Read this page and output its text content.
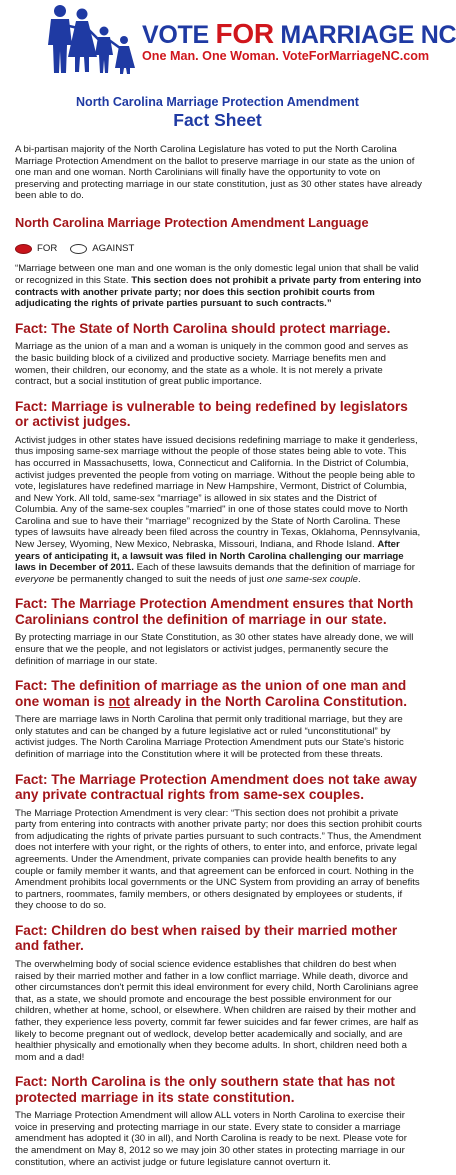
VOTE FOR MARRIAGE NC
One Man. One Woman. VoteForMarriageNC.com
North Carolina Marriage Protection Amendment
Fact Sheet

A bi-partisan majority of the North Carolina Legislature has voted to put the North Carolina Marriage Protection Amendment on the ballot to preserve marriage in our state as the union of one man and one woman. North Carolinians will finally have the opportunity to vote on preserving and protecting marriage in our state constitution, just as 30 other states have already been able to do.

North Carolina Marriage Protection Amendment Language
FOR	AGAINST

“Marriage between one man and one woman is the only domestic legal union that shall be valid or recognized in this State. This section does not prohibit a private party from entering into contracts with another private party; nor does this section prohibit courts from adjudicating the rights of private parties pursuant to such contracts.”

Fact: The State of North Carolina should protect marriage.

Marriage as the union of a man and a woman is uniquely in the common good and serves as the basic building block of a civilized and productive society. Marriage benefits men and women, their children, our economy, and the state as a whole. It is not merely a private contract, but a social institution of great public importance.

Fact: Marriage is vulnerable to being redefined by legislators or activist judges.

Activist judges in other states have issued decisions redefining marriage to make it genderless, thus imposing same-sex marriage without the people of those states being able to vote. This has occurred in Massachusetts, Iowa, Connecticut and California. In the District of Columbia, activist judges prevented the people from voting on marriage. Without the people being able to vote, legislatures have redefined marriage in New Hampshire, Vermont, District of Columbia, and New York. All told, same-sex “marriage” is allowed in six states and the District of Columbia. Any of the same-sex couples "married" in one of those states could move to North Carolina and sue to have their “marriage” recognized by the State of North Carolina. These types of lawsuits have already been filed across the country in Texas, Oklahoma, Pennsylvania, New Jersey, Wyoming, New Mexico, Nebraska, Missouri, Indiana, and Rhode Island. After years of anticipating it, a lawsuit was filed in North Carolina challenging our marriage laws in December of 2011. Each of these lawsuits demands that the definition of marriage for everyone be permanently changed to suit the needs of just one same-sex couple.

Fact: The Marriage Protection Amendment ensures that North Carolinians control the definition of marriage in our state.

By protecting marriage in our State Constitution, as 30 other states have already done, we will ensure that we the people, and not legislators or activist judges, permanently secure the definition of marriage in our state.

Fact: The definition of marriage as the union of one man and one woman is not already in the North Carolina Constitution.

There are marriage laws in North Carolina that permit only traditional marriage, but they are only statutes and can be changed by a future legislative act or ruled “unconstitutional” by activist judges. The North Carolina Marriage Protection Amendment puts our State's historic definition of marriage into the Constitution where it will be protected from these threats.

Fact: The Marriage Protection Amendment does not take away any private contractual rights from same-sex couples.

The Marriage Protection Amendment is very clear: “This section does not prohibit a private party from entering into contracts with another private party; nor does this section prohibit courts from adjudicating the rights of private parties pursuant to such contracts.” Thus, the Amendment does not interfere with your right, or the rights of others, to enter into, and enforce, private legal agreements. Under the Amendment, private companies can provide health benefits to any couple or family member it wants, and that agreement can be enforced in court. Nothing in the Amendment prohibits local governments or the UNC System from providing an array of benefits to partners, roommates, family members, or others designated by employees or students, if they choose to do so.

Fact: Children do best when raised by their married mother and father.

The overwhelming body of social science evidence establishes that children do best when raised by their married mother and father in a low conflict marriage. While death, divorce and other circumstances don't permit this ideal environment for every child, North Carolinians agree that, as a state, we should promote and encourage the best possible environment for our children, whether at home, school, or elsewhere. When children are raised by their mother and father, they experience less poverty, commit far fewer suicides and far fewer crimes, are half as likely to become pregnant out of wedlock, develop better academically and socially, and are healthier physically and emotionally when they become adults. In short, children need both a mom and a dad!

Fact: North Carolina is the only southern state that has not protected marriage in its state constitution.

The Marriage Protection Amendment will allow ALL voters in North Carolina to exercise their voice in preserving and protecting marriage in our state. Every state to consider a marriage amendment has adopted it (30 in all), and North Carolina is ready to be next. Please vote for the amendment on May 8, 2012 so we may join 30 other states in protecting marriage in our constitution, where an activist judge or future legislature cannot overturn it.
